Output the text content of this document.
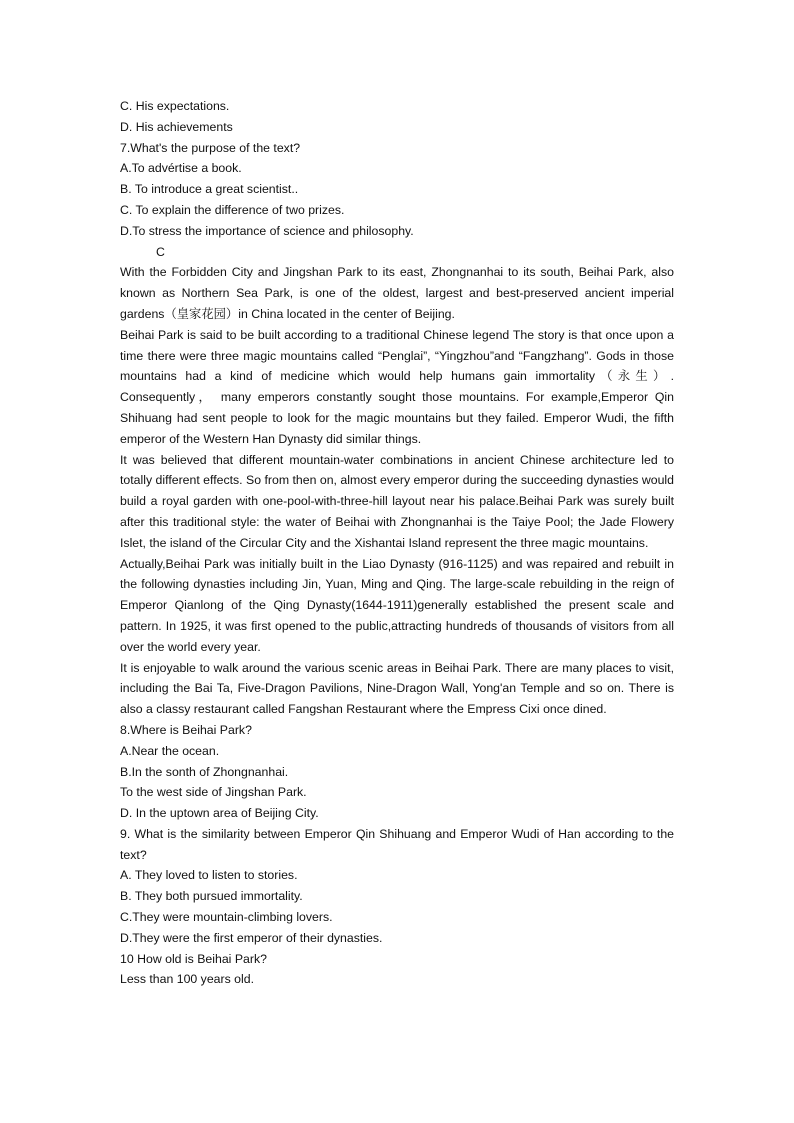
C. His expectations.
D. His achievements
7.What's the purpose of the text?
A.To advértise a book.
B. To introduce a great scientist..
C. To explain the difference of two prizes.
D.To stress the importance of science and philosophy.
C
With the Forbidden City and Jingshan Park to its east, Zhongnanhai to its south, Beihai Park, also known as Northern Sea Park, is one of the oldest, largest and best-preserved ancient imperial gardens（皇家花园）in China located in the center of Beijing.
Beihai Park is said to be built according to a traditional Chinese legend The story is that once upon a time there were three magic mountains called “Penglai”, “Yingzhou”and “Fangzhang”. Gods in those mountains had a kind of medicine which would help humans gain immortality（永生）. Consequently， many emperors constantly sought those mountains. For example,Emperor Qin Shihuang had sent people to look for the magic mountains but they failed. Emperor Wudi, the fifth emperor of the Western Han Dynasty did similar things.
It was believed that different mountain-water combinations in ancient Chinese architecture led to totally different effects. So from then on, almost every emperor during the succeeding dynasties would build a royal garden with one-pool-with-three-hill layout near his palace.Beihai Park was surely built after this traditional style: the water of Beihai with Zhongnanhai is the Taiye Pool; the Jade Flowery Islet, the island of the Circular City and the Xishantai Island represent the three magic mountains.
Actually,Beihai Park was initially built in the Liao Dynasty (916-1125) and was repaired and rebuilt in the following dynasties including Jin, Yuan, Ming and Qing. The large-scale rebuilding in the reign of Emperor Qianlong of the Qing Dynasty(1644-1911)generally established the present scale and pattern. In 1925, it was first opened to the public,attracting hundreds of thousands of visitors from all over the world every year.
It is enjoyable to walk around the various scenic areas in Beihai Park. There are many places to visit, including the Bai Ta, Five-Dragon Pavilions, Nine-Dragon Wall, Yong'an Temple and so on. There is also a classy restaurant called Fangshan Restaurant where the Empress Cixi once dined.
8.Where is Beihai Park?
A.Near the ocean.
B.In the sonth of Zhongnanhai.
To the west side of Jingshan Park.
D. In the uptown area of Beijing City.
9. What is the similarity between Emperor Qin Shihuang and Emperor Wudi of Han according to the text?
A. They loved to listen to stories.
B. They both pursued immortality.
C.They were mountain-climbing lovers.
D.They were the first emperor of their dynasties.
10 How old is Beihai Park?
Less than 100 years old.
